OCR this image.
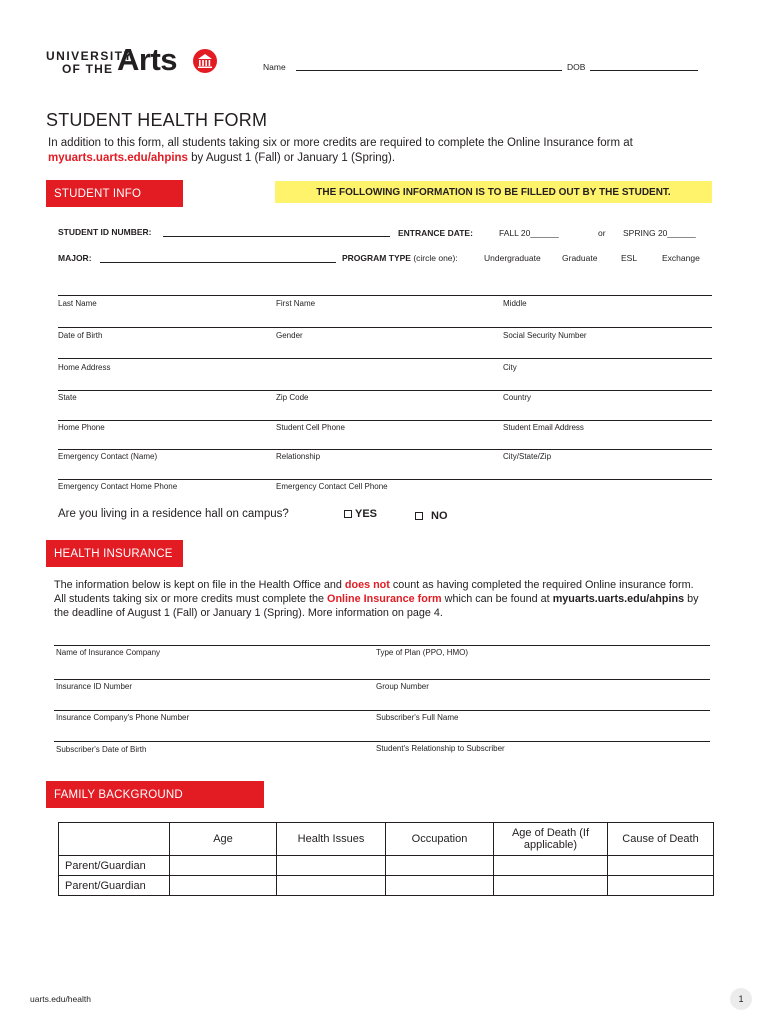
UNIVERSITY
OF THE Arts	Name	DOB
STUDENT HEALTH FORM
In addition to this form, all students taking six or more credits are required to complete the Online Insurance form at myuarts.uarts.edu/ahpins by August 1 (Fall) or January 1 (Spring).
STUDENT INFO	THE FOLLOWING INFORMATION IS TO BE FILLED OUT BY THE STUDENT.
STUDENT ID NUMBER:	ENTRANCE DATE:	FALL 20______	or SPRING 20______
MAJOR:	PROGRAM TYPE (circle one):	Undergraduate	Graduate	ESL	Exchange
Last Name	First Name	Middle
Date of Birth	Gender	Social Security Number
Home Address	City
State	Zip Code	Country
Home Phone	Student Cell Phone	Student Email Address
Emergency Contact (Name)	Relationship	City/State/Zip
Emergency Contact Home Phone	Emergency Contact Cell Phone
Are you living in a residence hall on campus?	YES	NO
HEALTH INSURANCE
The information below is kept on file in the Health Office and does not count as having completed the required Online insurance form. All students taking six or more credits must complete the Online Insurance form which can be found at myuarts.uarts.edu/ahpins by the deadline of August 1 (Fall) or January 1 (Spring). More information on page 4.
Name of Insurance Company	Type of Plan (PPO, HMO)
Insurance ID Number	Group Number
Insurance Company's Phone Number	Subscriber's Full Name
Subscriber's Date of Birth	Student's Relationship to Subscriber
FAMILY BACKGROUND
	Age	Health Issues	Occupation	Age of Death (If applicable)	Cause of Death
Parent/Guardian					
Parent/Guardian					
uarts.edu/health	1
